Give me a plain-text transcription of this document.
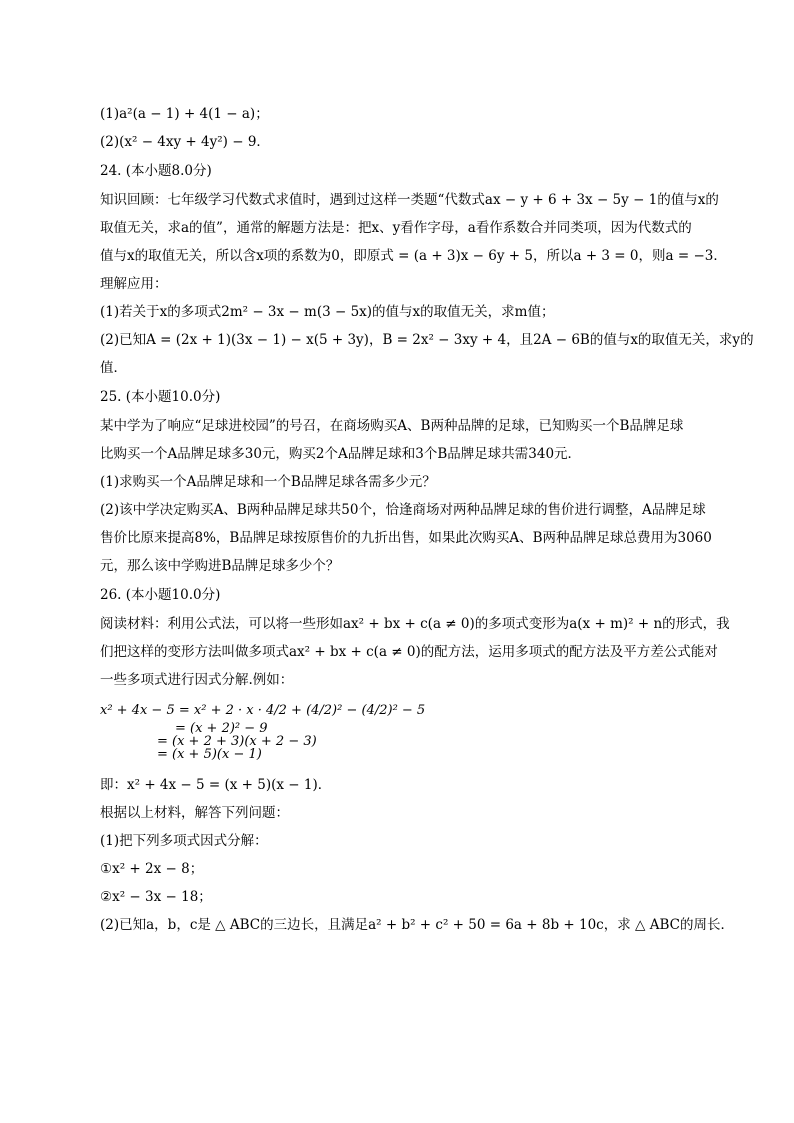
(1)a²(a − 1) + 4(1 − a)；
(2)(x² − 4xy + 4y²) − 9．
24. (本小题8.0分)
知识回顾：七年级学习代数式求值时，遇到过这样一类题“代数式ax − y + 6 + 3x − 5y − 1的值与x的
取值无关，求a的值”，通常的解题方法是：把x、y看作字母，a看作系数合并同类项，因为代数式的
值与x的取值无关，所以含x项的系数为0，即原式 = (a + 3)x − 6y + 5，所以a + 3 = 0，则a = −3．
理解应用：
(1)若关于x的多项式2m² − 3x − m(3 − 5x)的值与x的取值无关，求m值；
(2)已知A = (2x + 1)(3x − 1) − x(5 + 3y)，B = 2x² − 3xy + 4，且2A − 6B的值与x的取值无关，求y的
值．
25. (本小题10.0分)
某中学为了响应“足球进校园”的号召，在商场购买A、B两种品牌的足球，已知购买一个B品牌足球
比购买一个A品牌足球多30元，购买2个A品牌足球和3个B品牌足球共需340元．
(1)求购买一个A品牌足球和一个B品牌足球各需多少元？
(2)该中学决定购买A、B两种品牌足球共50个，恰逢商场对两种品牌足球的售价进行调整，A品牌足球
售价比原来提高8%，B品牌足球按原售价的九折出售，如果此次购买A、B两种品牌足球总费用为3060
元，那么该中学购进B品牌足球多少个？
26. (本小题10.0分)
阅读材料：利用公式法，可以将一些形如ax² + bx + c(a ≠ 0)的多项式变形为a(x + m)² + n的形式，我
们把这样的变形方法叫做多项式ax² + bx + c(a ≠ 0)的配方法，运用多项式的配方法及平方差公式能对
一些多项式进行因式分解.例如：
x² + 4x − 5 = x² + 2 · x · 4/2 + (4/2)² − (4/2)² − 5
= (x + 2)² − 9
= (x + 2 + 3)(x + 2 − 3)
= (x + 5)(x − 1)
即：x² + 4x − 5 = (x + 5)(x − 1)．
根据以上材料，解答下列问题：
(1)把下列多项式因式分解：
①x² + 2x − 8；
②x² − 3x − 18；
(2)已知a，b，c是 △ ABC的三边长，且满足a² + b² + c² + 50 = 6a + 8b + 10c，求 △ ABC的周长．
